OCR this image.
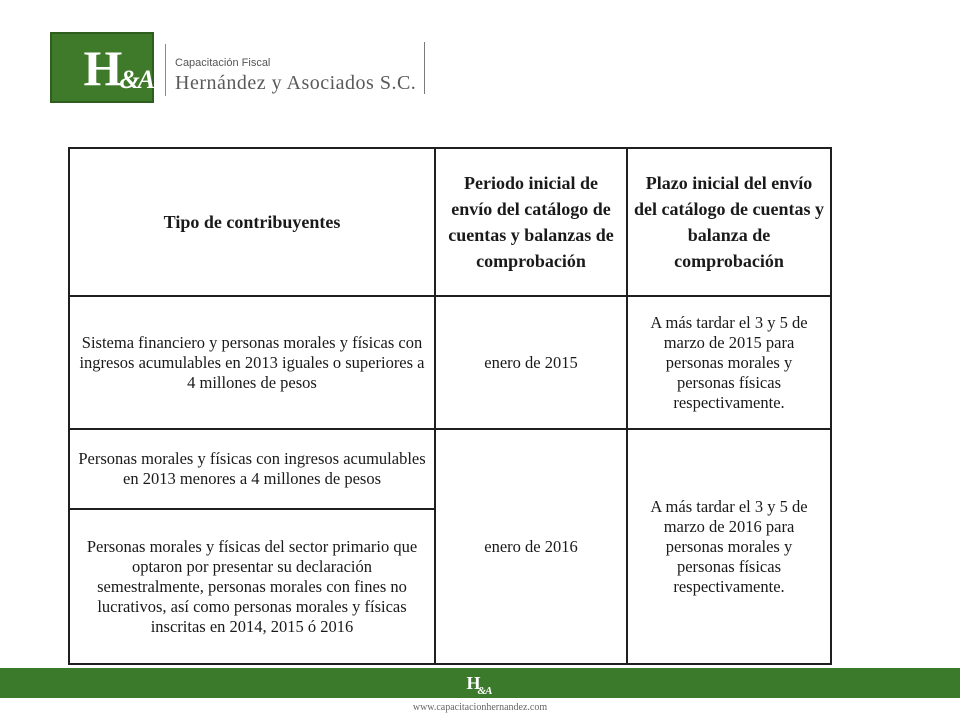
H &A
Capacitación Fiscal
Hernández y Asociados S.C.
Tipo de contribuyentes	Periodo inicial de envío del catálogo de cuentas y balanzas de comprobación	Plazo inicial del envío del catálogo de cuentas y balanza de comprobación
Sistema financiero y personas morales y físicas con ingresos acumulables en 2013 iguales o superiores a 4 millones de pesos	enero de 2015	A más tardar el 3 y 5 de marzo de 2015 para personas morales y personas físicas respectivamente.
Personas morales y físicas con ingresos acumulables en 2013 menores a 4 millones de pesos	enero de 2016	A más tardar el 3 y 5 de marzo de 2016 para personas morales y personas físicas respectivamente.
Personas morales y físicas del sector primario que optaron por presentar su declaración semestralmente, personas morales con fines no lucrativos, así como personas morales y físicas inscritas en 2014, 2015 ó 2016		
$H_{\&A}$
www.capacitacionhernandez.com
